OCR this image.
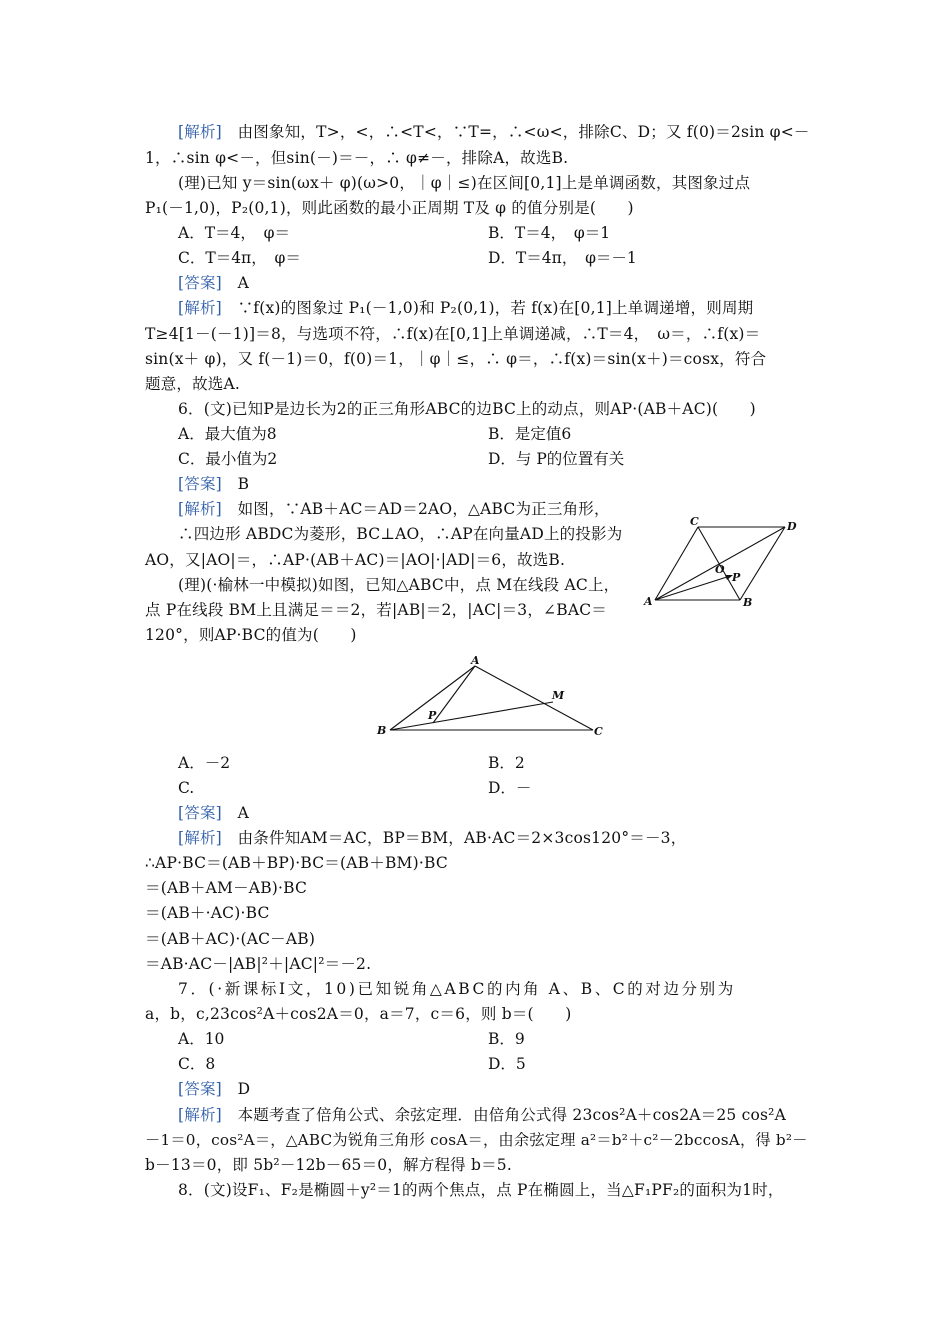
[解析]　由图象知，T>，<，∴<T<，∵T=，∴<ω<，排除C、D；又 f(0)＝2sin φ<－
1，∴sin φ<－，但sin(－)＝－，∴ φ≠－，排除A，故选B.
(理)已知 y＝sin(ωx＋ φ)(ω>0，｜φ｜≤)在区间[0,1]上是单调函数，其图象过点
P₁(－1,0)，P₂(0,1)，则此函数的最小正周期 T及 φ 的值分别是(　　)
A．T＝4，　φ＝	B．T＝4，　φ＝1
C．T＝4π，　φ＝	D．T＝4π，　φ＝－1
[答案]　A
[解析]　∵f(x)的图象过 P₁(－1,0)和 P₂(0,1)，若 f(x)在[0,1]上单调递增，则周期
T≥4[1－(－1)]＝8，与选项不符，∴f(x)在[0,1]上单调递减，∴T＝4，　ω＝，∴f(x)＝
sin(x＋ φ)，又 f(－1)＝0，f(0)＝1，｜φ｜≤，∴ φ＝，∴f(x)＝sin(x＋)＝cosx，符合
题意，故选A.
6．(文)已知P是边长为2的正三角形ABC的边BC上的动点，则AP·(AB＋AC)(　　)
A．最大值为8	B．是定值6
C．最小值为2	D．与 P的位置有关
[答案]　B
[解析]　如图，∵AB＋AC＝AD＝2AO，△ABC为正三角形，
∴四边形 ABDC为菱形，BC⊥AO，∴AP在向量AD上的投影为
AO，又|AO|＝，∴AP·(AB＋AC)＝|AO|·|AD|＝6，故选B.
(理)(·榆林一中模拟)如图，已知△ABC中，点 M在线段 AC上，
点 P在线段 BM上且满足＝＝2，若|AB|＝2，|AC|＝3，∠BAC＝
120°，则AP·BC的值为(　　)
C	D
O
P
A	B
A
M
P
B	C
A．－2	B．2
C.	D．－
[答案]　A
[解析]　由条件知AM＝AC，BP＝BM，AB·AC＝2×3cos120°＝－3，
∴AP·BC＝(AB＋BP)·BC＝(AB＋BM)·BC
＝(AB＋AM－AB)·BC
＝(AB＋·AC)·BC
＝(AB＋AC)·(AC－AB)
＝AB·AC－|AB|²＋|AC|²＝－2.
7．(·新课标Ⅰ文，10)已知锐角△ABC的内角 A、B、C的对边分别为
a，b，c,23cos²A＋cos2A＝0，a＝7，c＝6，则 b＝(　　)
A．10	B．9
C．8	D．5
[答案]　D
[解析]　本题考查了倍角公式、余弦定理．由倍角公式得 23cos²A＋cos2A＝25 cos²A
－1＝0，cos²A＝，△ABC为锐角三角形 cosA＝，由余弦定理 a²＝b²＋c²－2bccosA，得 b²－
b－13＝0，即 5b²－12b－65＝0，解方程得 b＝5.
8．(文)设F₁、F₂是椭圆＋y²＝1的两个焦点，点 P在椭圆上，当△F₁PF₂的面积为1时，
